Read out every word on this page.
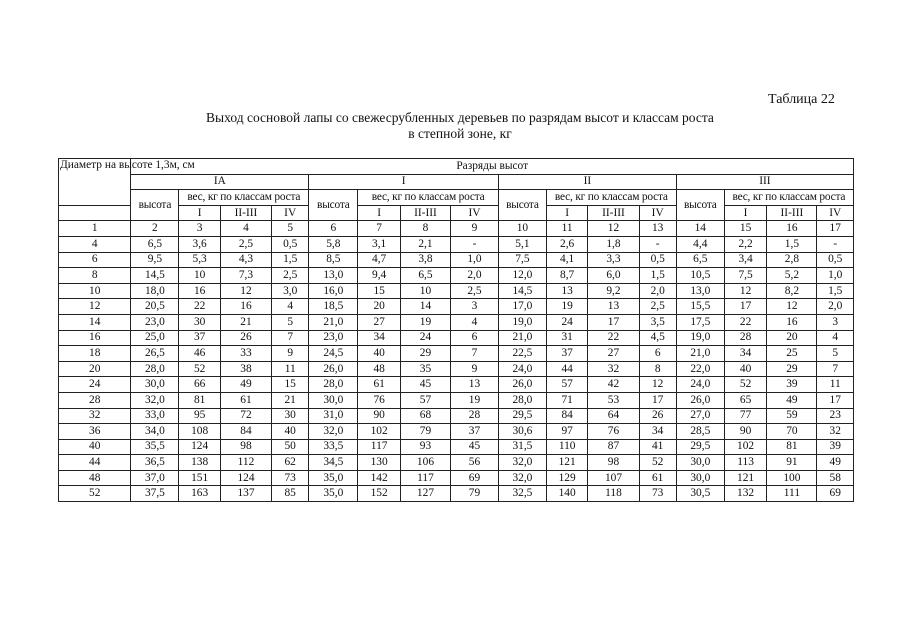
Таблица 22
Выход сосновой лапы со свежесрубленных деревьев по разрядам высот и классам роста
в степной зоне, кг
Диаметр на высоте 1,3м, см	Разряды высот															
	IA				I				II				III			
	высота	вес, кг по классам роста			высота	вес, кг по классам роста			высота	вес, кг по классам роста			высота	вес, кг по классам роста		
		I	II-III	IV		I	II-III	IV		I	II-III	IV		I	II-III	IV
1	2	3	4	5	6	7	8	9	10	11	12	13	14	15	16	17
4	6,5	3,6	2,5	0,5	5,8	3,1	2,1	-	5,1	2,6	1,8	-	4,4	2,2	1,5	-
6	9,5	5,3	4,3	1,5	8,5	4,7	3,8	1,0	7,5	4,1	3,3	0,5	6,5	3,4	2,8	0,5
8	14,5	10	7,3	2,5	13,0	9,4	6,5	2,0	12,0	8,7	6,0	1,5	10,5	7,5	5,2	1,0
10	18,0	16	12	3,0	16,0	15	10	2,5	14,5	13	9,2	2,0	13,0	12	8,2	1,5
12	20,5	22	16	4	18,5	20	14	3	17,0	19	13	2,5	15,5	17	12	2,0
14	23,0	30	21	5	21,0	27	19	4	19,0	24	17	3,5	17,5	22	16	3
16	25,0	37	26	7	23,0	34	24	6	21,0	31	22	4,5	19,0	28	20	4
18	26,5	46	33	9	24,5	40	29	7	22,5	37	27	6	21,0	34	25	5
20	28,0	52	38	11	26,0	48	35	9	24,0	44	32	8	22,0	40	29	7
24	30,0	66	49	15	28,0	61	45	13	26,0	57	42	12	24,0	52	39	11
28	32,0	81	61	21	30,0	76	57	19	28,0	71	53	17	26,0	65	49	17
32	33,0	95	72	30	31,0	90	68	28	29,5	84	64	26	27,0	77	59	23
36	34,0	108	84	40	32,0	102	79	37	30,6	97	76	34	28,5	90	70	32
40	35,5	124	98	50	33,5	117	93	45	31,5	110	87	41	29,5	102	81	39
44	36,5	138	112	62	34,5	130	106	56	32,0	121	98	52	30,0	113	91	49
48	37,0	151	124	73	35,0	142	117	69	32,0	129	107	61	30,0	121	100	58
52	37,5	163	137	85	35,0	152	127	79	32,5	140	118	73	30,5	132	111	69
